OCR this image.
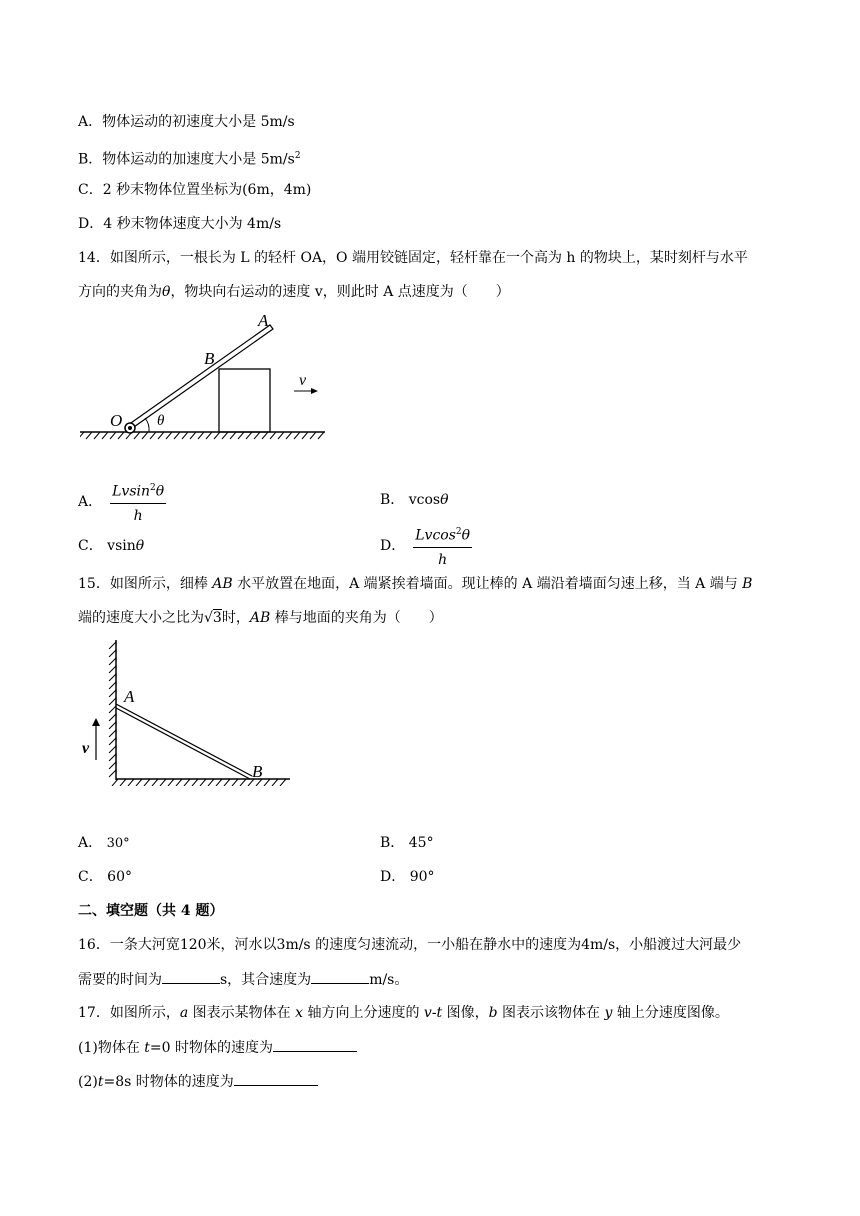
A．物体运动的初速度大小是 5m/s
B．物体运动的加速度大小是 $5m/s^2$
C．2 秒末物体位置坐标为(6m，4m)
D．4 秒末物体速度大小为 4m/s
14．如图所示，一根长为 L 的轻杆 OA，O 端用铰链固定，轻杆靠在一个高为 h 的物块上，某时刻杆与水平
方向的夹角为θ，物块向右运动的速度 v，则此时 A 点速度为（　　）
A
B
O θ
v
A． $\frac{Lvsin^2\theta}{h}$	B． vcosθ
C． vsinθ	D． $\frac{Lvcos^2\theta}{h}$
15．如图所示，细棒 AB 水平放置在地面，A 端紧挨着墙面。现让棒的 A 端沿着墙面匀速上移，当 A 端与 B
端的速度大小之比为√3时，AB 棒与地面的夹角为（　　）
A
B
v
A． 30°	B． 45°
C． 60°	D． 90°
二、填空题（共 4 题）
16．一条大河宽120米，河水以3m/s 的速度匀速流动，一小船在静水中的速度为4m/s，小船渡过大河最少
需要的时间为	s，其合速度为	m/s。
17．如图所示，a 图表示某物体在 x 轴方向上分速度的 v-t 图像，b 图表示该物体在 y 轴上分速度图像。
(1)物体在 t=0 时物体的速度为
(2)t=8s 时物体的速度为
